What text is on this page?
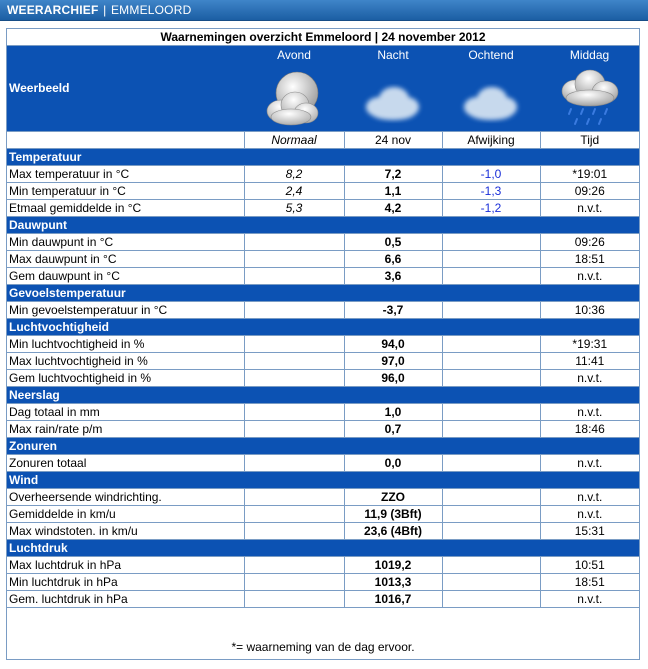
WEERARCHIEF | EMMELOORD
Waarnemingen overzicht Emmeloord | 24 november 2012				
Weerbeeld	Avond	Nacht	Ochtend	Middag

	Normaal	24 nov	Afwijking	Tijd
Temperatuur				
Max temperatuur in °C	8,2	7,2	-1,0	*19:01
Min temperatuur in °C	2,4	1,1	-1,3	09:26
Etmaal gemiddelde in °C	5,3	4,2	-1,2	n.v.t.
Dauwpunt				
Min dauwpunt in °C		0,5		09:26
Max dauwpunt in °C		6,6		18:51
Gem dauwpunt in °C		3,6		n.v.t.
Gevoelstemperatuur				
Min gevoelstemperatuur in °C		-3,7		10:36
Luchtvochtigheid				
Min luchtvochtigheid in %		94,0		*19:31
Max luchtvochtigheid in %		97,0		11:41
Gem luchtvochtigheid in %		96,0		n.v.t.
Neerslag				
Dag totaal in mm		1,0		n.v.t.
Max rain/rate p/m		0,7		18:46
Zonuren				
Zonuren totaal		0,0		n.v.t.
Wind				
Overheersende windrichting.		ZZO		n.v.t.
Gemiddelde in km/u		11,9 (3Bft)		n.v.t.
Max windstoten. in km/u		23,6 (4Bft)		15:31
Luchtdruk				
Max luchtdruk in hPa		1019,2		10:51
Min luchtdruk in hPa		1013,3		18:51
Gem. luchtdruk in hPa		1016,7		n.v.t.
*= waarneming van de dag ervoor.
